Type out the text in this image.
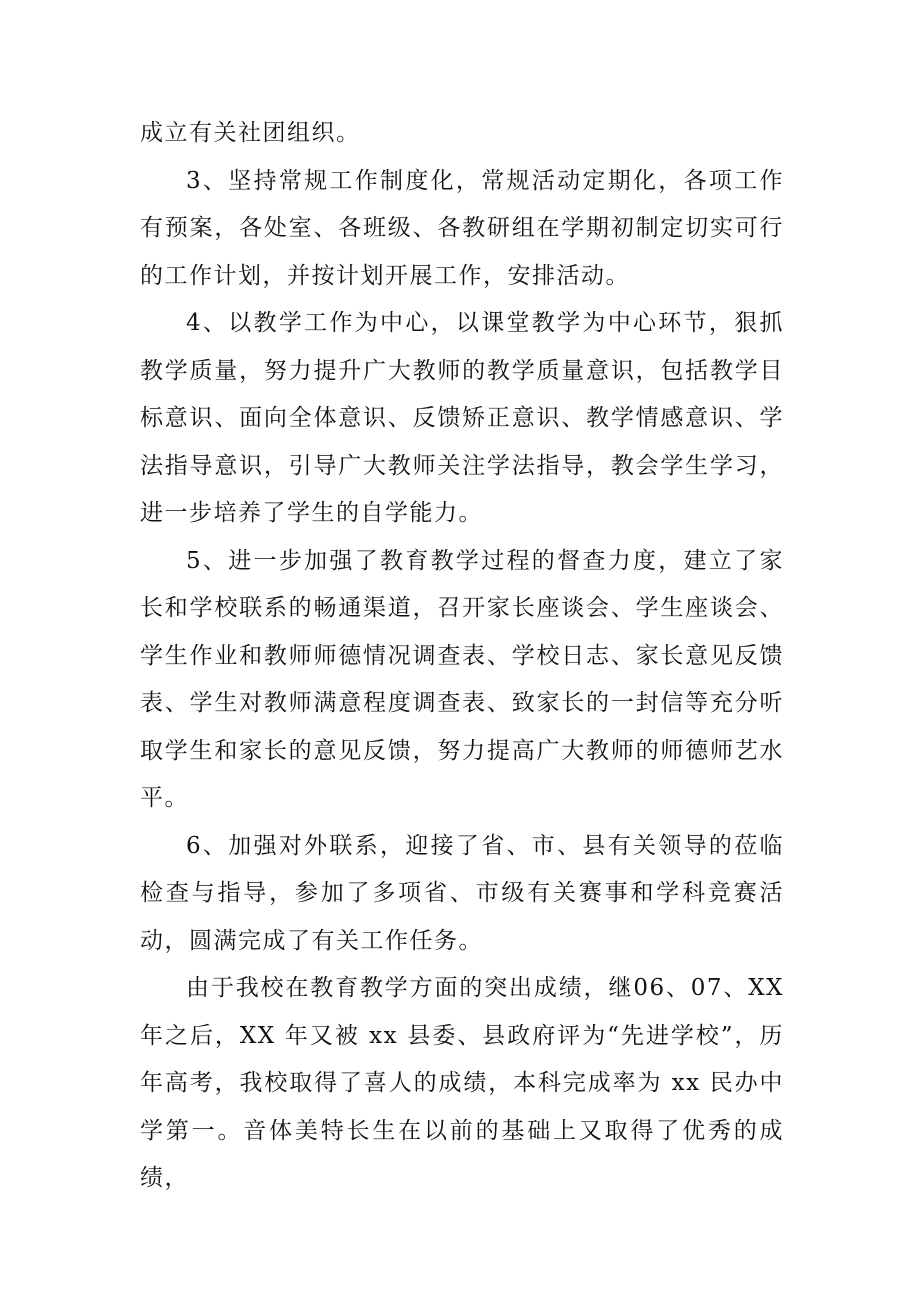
成立有关社团组织。

3、坚持常规工作制度化，常规活动定期化，各项工作有预案，各处室、各班级、各教研组在学期初制定切实可行的工作计划，并按计划开展工作，安排活动。

4、以教学工作为中心，以课堂教学为中心环节，狠抓教学质量，努力提升广大教师的教学质量意识，包括教学目标意识、面向全体意识、反馈矫正意识、教学情感意识、学法指导意识，引导广大教师关注学法指导，教会学生学习，进一步培养了学生的自学能力。

5、进一步加强了教育教学过程的督查力度，建立了家长和学校联系的畅通渠道，召开家长座谈会、学生座谈会、学生作业和教师师德情况调查表、学校日志、家长意见反馈表、学生对教师满意程度调查表、致家长的一封信等充分听取学生和家长的意见反馈，努力提高广大教师的师德师艺水平。

6、加强对外联系，迎接了省、市、县有关领导的莅临检查与指导，参加了多项省、市级有关赛事和学科竞赛活动，圆满完成了有关工作任务。

由于我校在教育教学方面的突出成绩，继06、07、XX年之后，XX 年又被 xx 县委、县政府评为“先进学校”，历年高考，我校取得了喜人的成绩，本科完成率为 xx 民办中学第一。音体美特长生在以前的基础上又取得了优秀的成绩，
